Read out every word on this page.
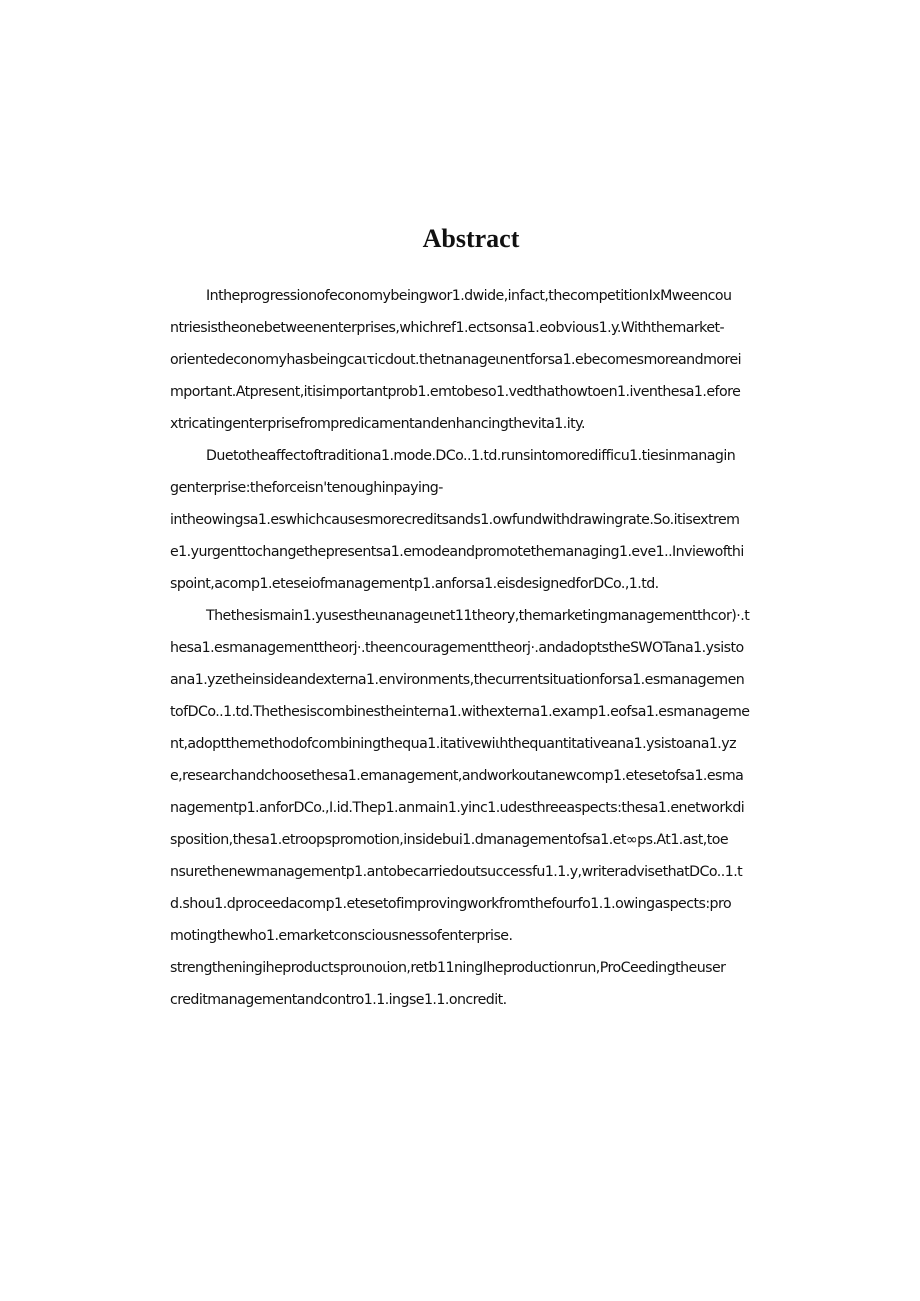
Abstract
Intheprogressionofeconomybeingwor1.dwide,infact,thecompetitionIxMweencou
ntriesistheonebetweenenterprises,whichref1.ectsonsa1.eobvious1.y.Withthemarket-
orientedeconomyhasbeingcaιτicdout.thetnanageιnentforsa1.ebecomesmoreandmorei
mportant.Atpresent,itisimportantprob1.emtobeso1.vedthathowtoen1.iventhesa1.efore
xtricatingenterprisefrompredicamentandenhancingthevita1.ity.
Duetotheaffectoftraditiona1.mode.DCo..1.td.runsintomoredifficu1.tiesinmanagin
genterprise:theforceisn'tenoughinpaying-
intheowingsa1.eswhichcausesmorecreditsands1.owfundwithdrawingrate.So.itisextrem
e1.yurgenttochangethepresentsa1.emodeandpromotethemanaging1.eve1..Inviewofthi
spoint,acomp1.eteseiofmanagementp1.anforsa1.eisdesignedforDCo.,1.td.
Thethesismain1.yusestheιnanageιnet11theory,themarketingmanagementthcor)·.t
hesa1.esmanagementtheorj·.theencouragementtheorj·.andadoptstheSWOTana1.ysisto
ana1.yzetheinsideandexterna1.environments,thecurrentsituationforsa1.esmanagemen
tofDCo..1.td.Thethesiscombinestheinterna1.withexterna1.examp1.eofsa1.esmanageme
nt,adoptthemethodofcombiningthequa1.itativewiιhthequantitativeana1.ysistoana1.yz
e,researchandchoosethesa1.emanagement,andworkoutanewcomp1.etesetofsa1.esma
nagementp1.anforDCo.,I.id.Thep1.anmain1.yinc1.udesthreeaspects:thesa1.enetworkdi
sposition,thesa1.etroopspromotion,insidebui1.dmanagementofsa1.et∞ps.At1.ast,toe
nsurethenewmanagementp1.antobecarriedoutsuccessfu1.1.y,writeradvisethatDCo..1.t
d.shou1.dproceedacomp1.etesetofimprovingworkfromthefourfo1.1.owingaspects:pro
motingthewho1.emarketconsciousnessofenterprise.
strengtheningiheproductsproιnoιion,retb11ningIheproductionrun,ProCeedingtheuser
creditmanagementandcontro1.1.ingse1.1.oncredit.
